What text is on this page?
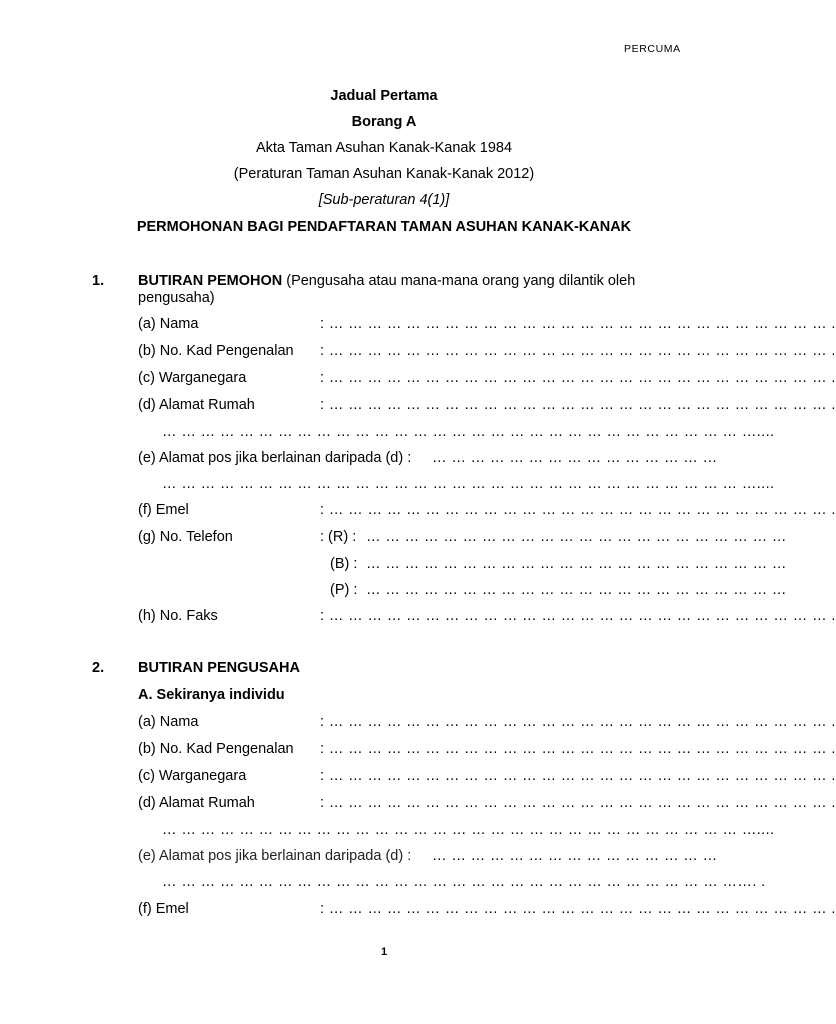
PERCUMA
Jadual Pertama
Borang A
Akta Taman Asuhan Kanak-Kanak 1984
(Peraturan Taman Asuhan Kanak-Kanak 2012)
[Sub-peraturan 4(1)]
PERMOHONAN BAGI PENDAFTARAN TAMAN ASUHAN KANAK-KANAK
1. BUTIRAN PEMOHON (Pengusaha atau mana-mana orang yang dilantik oleh
pengusaha)
(a) Nama	: … … … … … … … … … … … … … … … … … … … … … … … … … … .
(b) No. Kad Pengenalan : … … … … … … … … … … … … … … … … … … … … … … … … … … .
(c) Warganegara	: … … … … … … … … … … … … … … … … … … … … … … … … … … .
(d) Alamat Rumah	: … … … … … … … … … … … … … … … … … … … … … … … … … … .
… … … … … … … … … … … … … … … … … … … … … … … … … … … … … … …....
(e) Alamat pos jika berlainan daripada (d) : … … … … … … … … … … … … … … …
… … … … … … … … … … … … … … … … … … … … … … … … … … … … … … …....
(f) Emel	: … … … … … … … … … … … … … … … … … … … … … … … … … … .
(g) No. Telefon	: (R) : … … … … … … … … … … … … … … … … … … … … … …
(B) : … … … … … … … … … … … … … … … … … … … … … …
(P) : … … … … … … … … … … … … … … … … … … … … … …
(h) No. Faks	: … … … … … … … … … … … … … … … … … … … … … … … … … … .
2. BUTIRAN PENGUSAHA
A. Sekiranya individu
(a) Nama	: … … … … … … … … … … … … … … … … … … … … … … … … … … .
(b) No. Kad Pengenalan : … … … … … … … … … … … … … … … … … … … … … … … … … … .
(c) Warganegara	: … … … … … … … … … … … … … … … … … … … … … … … … … … .
(d) Alamat Rumah	: … … … … … … … … … … … … … … … … … … … … … … … … … … .
… … … … … … … … … … … … … … … … … … … … … … … … … … … … … … …....
(e) Alamat pos jika berlainan daripada (d) : … … … … … … … … … … … … … … …
… … … … … … … … … … … … … … … … … … … … … … … … … … … … … ……. .
(f) Emel	: … … … … … … … … … … … … … … … … … … … … … … … … … … .
1
